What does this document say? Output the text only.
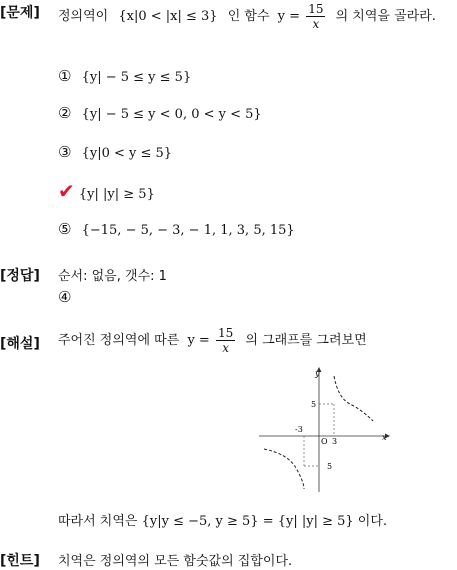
[문제] 정의역이 {x|0 < |x| ≤ 3} 인 함수 $y = \frac{15}{x}$ 의 치역을 골라라.
① {y| − 5 ≤ y ≤ 5}
② {y| − 5 ≤ y < 0, 0 < y < 5}
③ {y|0 < y ≤ 5}
✔ {y| |y| ≥ 5}
⑤ {−15, − 5, − 3, − 1, 1, 3, 5, 15}
[정답] 순서: 없음, 갯수: 1
④
[해설] 주어진 정의역에 따른 $y = \frac{15}{x}$ 의 그래프를 그려보면
y
x
O
-3
3
5
5
따라서 치역은 {y|y ≤ −5, y ≥ 5} = {y| |y| ≥ 5} 이다.
[힌트] 치역은 정의역의 모든 함숫값의 집합이다.
